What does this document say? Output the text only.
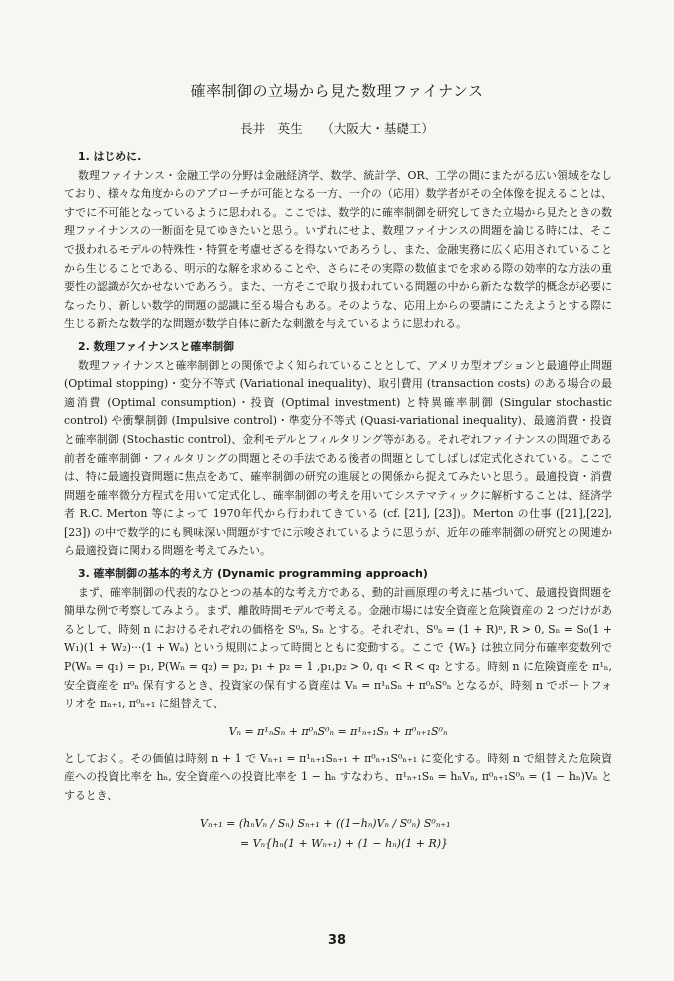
確率制御の立場から見た数理ファイナンス
長井　英生　　（大阪大・基礎工）

1. はじめに.

数理ファイナンス・金融工学の分野は金融経済学、数学、統計学、OR、工学の間にまたがる広い領域をなしており、様々な角度からのアプローチが可能となる一方、一介の（応用）数学者がその全体像を捉えることは、すでに不可能となっているように思われる。ここでは、数学的に確率制御を研究してきた立場から見たときの数理ファイナンスの一断面を見てゆきたいと思う。いずれにせよ、数理ファイナンスの問題を論じる時には、そこで扱われるモデルの特殊性・特質を考慮せざるを得ないであろうし、また、金融実務に広く応用されていることから生じることである、明示的な解を求めることや、さらにその実際の数値までを求める際の効率的な方法の重要性の認識が欠かせないであろう。また、一方そこで取り扱われている問題の中から新たな数学的概念が必要になったり、新しい数学的問題の認識に至る場合もある。そのような、応用上からの要請にこたえようとする際に生じる新たな数学的な問題が数学自体に新たな刺激を与えているように思われる。

2. 数理ファイナンスと確率制御

数理ファイナンスと確率制御との関係でよく知られていることとして、アメリカ型オプションと最適停止問題 (Optimal stopping)・変分不等式 (Variational inequality)、取引費用 (transaction costs) のある場合の最適消費 (Optimal consumption)・投資 (Optimal investment) と特異確率制御 (Singular stochastic control) や衝撃制御 (Impulsive control)・準変分不等式 (Quasi-variational inequality)、最適消費・投資と確率制御 (Stochastic control)、金利モデルとフィルタリング等がある。それぞれファイナンスの問題である前者を確率制御・フィルタリングの問題とその手法である後者の問題としてしばしば定式化されている。ここでは、特に最適投資問題に焦点をあて、確率制御の研究の進展との関係から捉えてみたいと思う。最適投資・消費問題を確率微分方程式を用いて定式化し、確率制御の考えを用いてシステマティックに解析することは、経済学者 R.C. Merton 等によって 1970年代から行われてきている (cf. [21], [23])。Merton の仕事 ([21],[22],[23]) の中で数学的にも興味深い問題がすでに示唆されているように思うが、近年の確率制御の研究との関連から最適投資に関わる問題を考えてみたい。

3. 確率制御の基本的考え方 (Dynamic programming approach)

まず、確率制御の代表的なひとつの基本的な考え方である、動的計画原理の考えに基づいて、最適投資問題を簡単な例で考察してみよう。まず、離散時間モデルで考える。金融市場には安全資産と危険資産の 2 つだけがあるとして、時刻 n におけるそれぞれの価格を S⁰ₙ, Sₙ とする。それぞれ、S⁰ₙ = (1 + R)ⁿ, R > 0, Sₙ = S₀(1 + W₁)(1 + W₂)···(1 + Wₙ) という規則によって時間とともに変動する。ここで {Wₙ} は独立同分布確率変数列で P(Wₙ = q₁) = p₁, P(Wₙ = q₂) = p₂, p₁ + p₂ = 1 ,p₁,p₂ > 0, q₁ < R < q₂ とする。時刻 n に危険資産を π¹ₙ, 安全資産を π⁰ₙ 保有するとき、投資家の保有する資産は Vₙ = π¹ₙSₙ + π⁰ₙS⁰ₙ となるが、時刻 n でポートフォリオを πₙ₊₁, π⁰ₙ₊₁ に組替えて、

Vₙ = π¹ₙSₙ + π⁰ₙS⁰ₙ = π¹ₙ₊₁Sₙ + π⁰ₙ₊₁S⁰ₙ

としておく。その価値は時刻 n + 1 で Vₙ₊₁ = π¹ₙ₊₁Sₙ₊₁ + π⁰ₙ₊₁S⁰ₙ₊₁ に変化する。時刻 n で組替えた危険資産への投資比率を hₙ, 安全資産への投資比率を 1 − hₙ すなわち、π¹ₙ₊₁Sₙ = hₙVₙ, π⁰ₙ₊₁S⁰ₙ = (1 − hₙ)Vₙ とするとき、

Vₙ₊₁ = (hₙVₙ / Sₙ) Sₙ₊₁ + ((1−hₙ)Vₙ / S⁰ₙ) S⁰ₙ₊₁
= Vₙ{hₙ(1 + Wₙ₊₁) + (1 − hₙ)(1 + R)}
38
